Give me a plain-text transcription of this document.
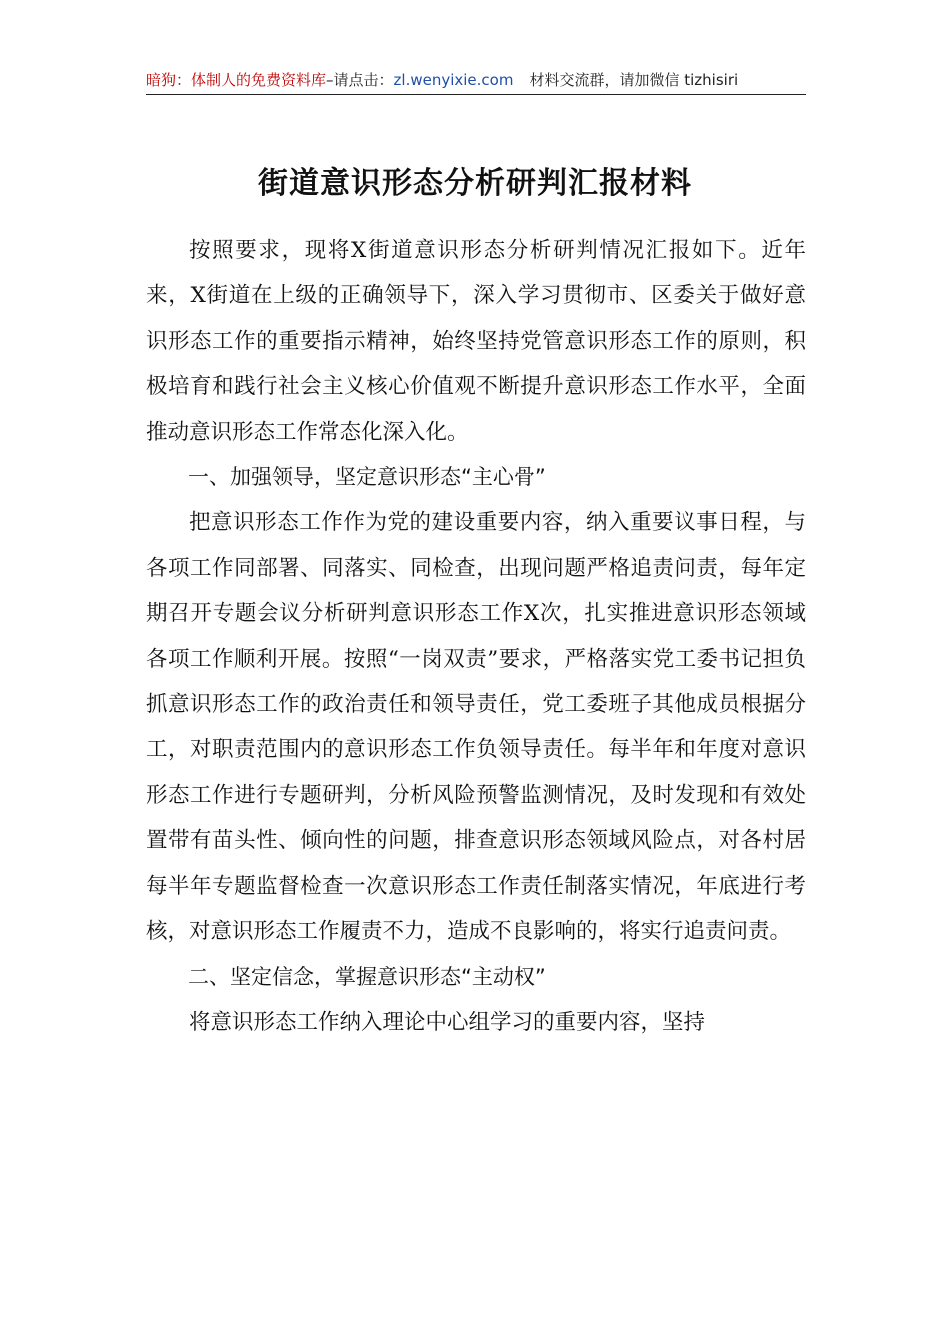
暗狗：体制人的免费资料库–请点击：zl.wenyixie.com 材料交流群，请加微信 tizhisiri
街道意识形态分析研判汇报材料

按照要求，现将X街道意识形态分析研判情况汇报如下。近年来，X街道在上级的正确领导下，深入学习贯彻市、区委关于做好意识形态工作的重要指示精神，始终坚持党管意识形态工作的原则，积极培育和践行社会主义核心价值观不断提升意识形态工作水平，全面推动意识形态工作常态化深入化。

一、加强领导，坚定意识形态“主心骨”

把意识形态工作作为党的建设重要内容，纳入重要议事日程，与各项工作同部署、同落实、同检查，出现问题严格追责问责，每年定期召开专题会议分析研判意识形态工作X次，扎实推进意识形态领域各项工作顺利开展。按照“一岗双责”要求，严格落实党工委书记担负抓意识形态工作的政治责任和领导责任，党工委班子其他成员根据分工，对职责范围内的意识形态工作负领导责任。每半年和年度对意识形态工作进行专题研判，分析风险预警监测情况，及时发现和有效处置带有苗头性、倾向性的问题，排查意识形态领域风险点，对各村居每半年专题监督检查一次意识形态工作责任制落实情况，年底进行考核，对意识形态工作履责不力，造成不良影响的，将实行追责问责。

二、坚定信念，掌握意识形态“主动权”

将意识形态工作纳入理论中心组学习的重要内容，坚持
